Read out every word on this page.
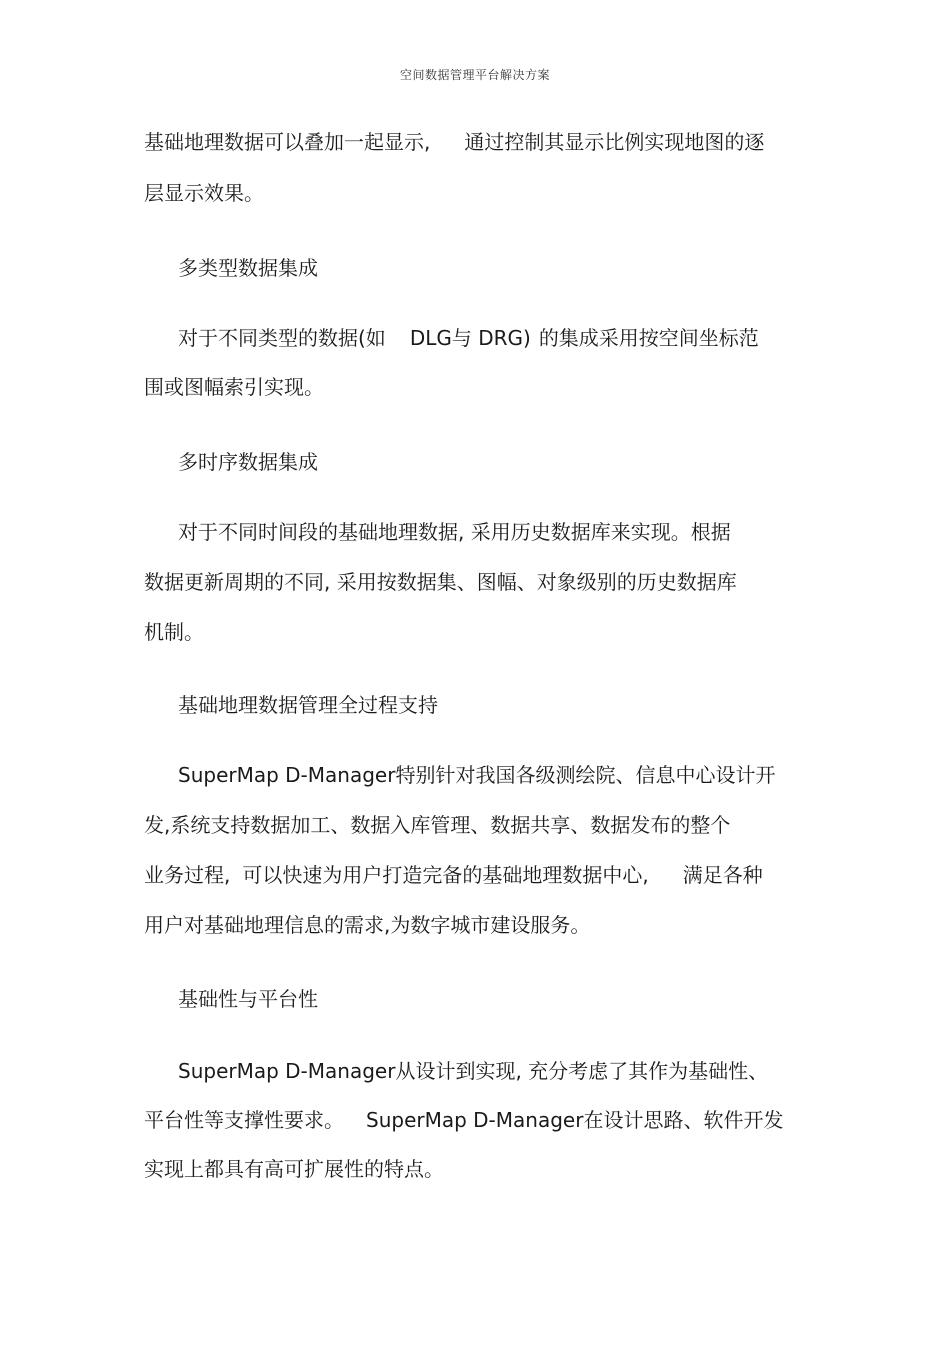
空间数据管理平台解决方案
基础地理数据可以叠加一起显示, 通过控制其显示比例实现地图的逐
层显示效果。
多类型数据集成
对于不同类型的数据(如 DLG与 DRG) 的集成采用按空间坐标范
围或图幅索引实现。
多时序数据集成
对于不同时间段的基础地理数据, 采用历史数据库来实现。根据
数据更新周期的不同, 采用按数据集、图幅、对象级别的历史数据库
机制。
基础地理数据管理全过程支持
SuperMap D-Manager特别针对我国各级测绘院、信息中心设计开
发,系统支持数据加工、数据入库管理、数据共享、数据发布的整个
业务过程, 可以快速为用户打造完备的基础地理数据中心, 满足各种
用户对基础地理信息的需求,为数字城市建设服务。
基础性与平台性
SuperMap D-Manager从设计到实现, 充分考虑了其作为基础性、
平台性等支撑性要求。 SuperMap D-Manager在设计思路、软件开发
实现上都具有高可扩展性的特点。
